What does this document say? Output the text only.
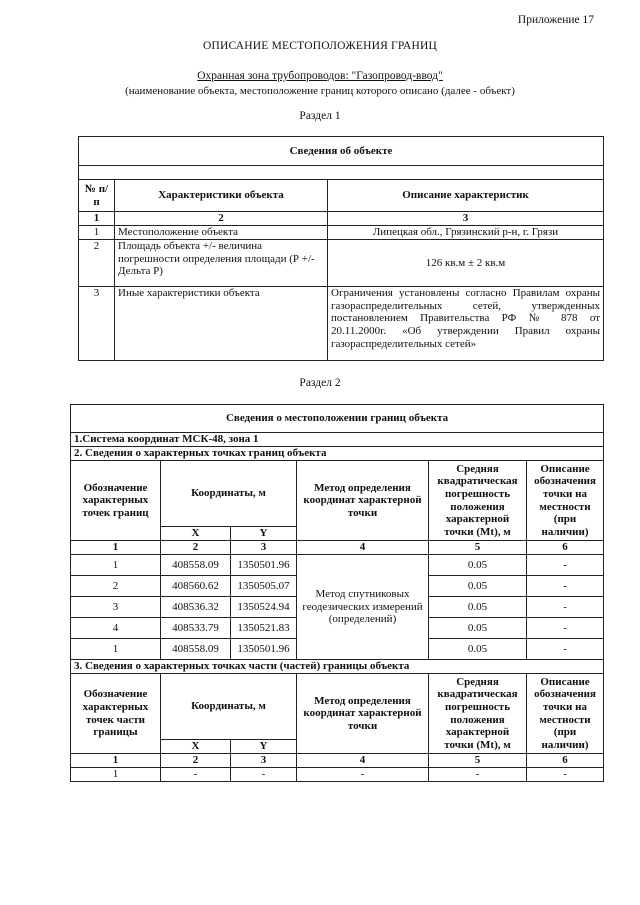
Приложение 17
ОПИСАНИЕ МЕСТОПОЛОЖЕНИЯ ГРАНИЦ
Охранная зона трубопроводов: "Газопровод-ввод"
(наименование объекта, местоположение границ которого описано (далее - объект)
Раздел 1
Сведения об объекте		

№ п/п	Характеристики объекта	Описание характеристик
1	2	3
1	Местоположение объекта	Липецкая обл., Грязинский р-н, г. Грязи
2	Площадь объекта +/- величина погрешности определения площади (Р +/- Дельта Р)	126 кв.м ± 2 кв.м
3	Иные характеристики объекта	Ограничения установлены согласно Правилам охраны газораспределительных сетей, утвержденных постановлением Правительства РФ № 878 от 20.11.2000г. «Об утверждении Правил охраны газораспределительных сетей»
Раздел 2
Сведения о местоположении границ объекта					
1.Система координат МСК-48, зона 1					
2. Сведения о характерных точках границ объекта					
Обозначение характерных точек границ	Координаты, м		Метод определения координат характерной точки	Средняя квадратическая погрешность положения характерной точки (Mt), м	Описание обозначения точки на местности (при наличии)
	X	Y			
1	2	3	4	5	6
1	408558.09	1350501.96	Метод спутниковых геодезических измерений (определений)	0.05	-
2	408560.62	1350505.07		0.05	-
3	408536.32	1350524.94		0.05	-
4	408533.79	1350521.83		0.05	-
1	408558.09	1350501.96		0.05	-
3. Сведения о характерных точках части (частей) границы объекта					
Обозначение характерных точек части границы	Координаты, м		Метод определения координат характерной точки	Средняя квадратическая погрешность положения характерной точки (Mt), м	Описание обозначения точки на местности (при наличии)
	X	Y			
1	2	3	4	5	6
1	-	-	-	-	-
